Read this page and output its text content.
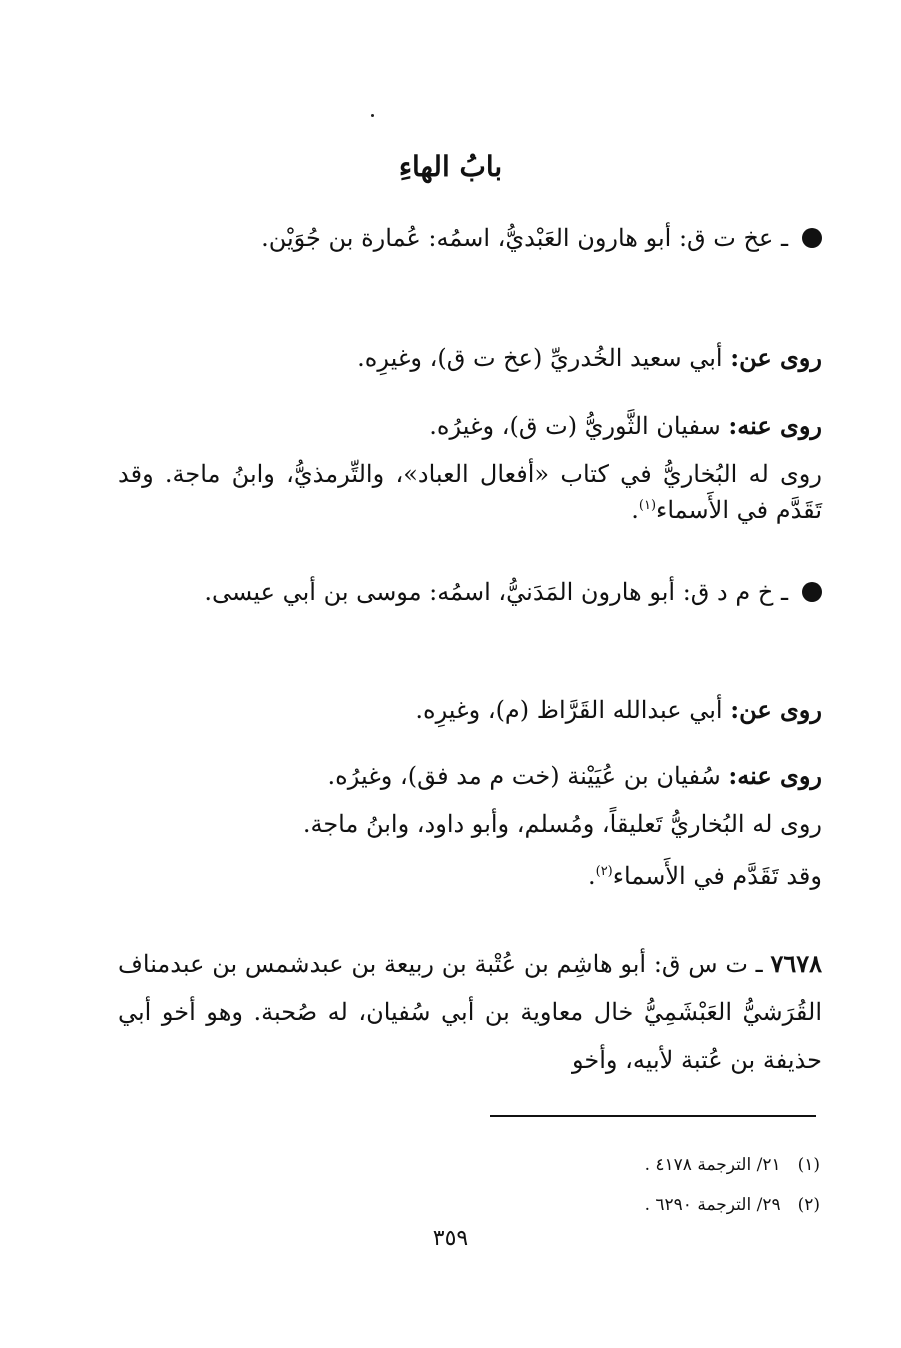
بابُ الهاءِ
ـ عخ ت ق: أبو هارون العَبْديُّ، اسمُه: عُمارة بن جُوَيْن.
روى عن: أبي سعيد الخُدريِّ (عخ ت ق)، وغيرِه.
روى عنه: سفيان الثَّوريُّ (ت ق)، وغيرُه.
روى له البُخاريُّ في كتاب «أفعال العباد»، والتِّرمذيُّ، وابنُ ماجة. وقد تَقَدَّم في الأَسماء$^{(١)}$.
ـ خ م د ق: أبو هارون المَدَنيُّ، اسمُه: موسى بن أبي عيسى.
روى عن: أبي عبدالله القَرَّاظ (م)، وغيرِه.
روى عنه: سُفيان بن عُيَيْنة (خت م مد فق)، وغيرُه.
روى له البُخاريُّ تَعليقاً، ومُسلم، وأبو داود، وابنُ ماجة.
وقد تَقَدَّم في الأَسماء$^{(٢)}$.
٧٦٧٨ ـ ت س ق: أبو هاشِم بن عُتْبة بن ربيعة بن عبدشمس بن عبدمناف القُرَشيُّ العَبْشَمِيُّ خال معاوية بن أبي سُفيان، له صُحبة. وهو أخو أبي حذيفة بن عُتبة لأبيه، وأخو
(١) ٢١/ الترجمة ٤١٧٨ .
(٢) ٢٩/ الترجمة ٦٢٩٠ .
٣٥٩
